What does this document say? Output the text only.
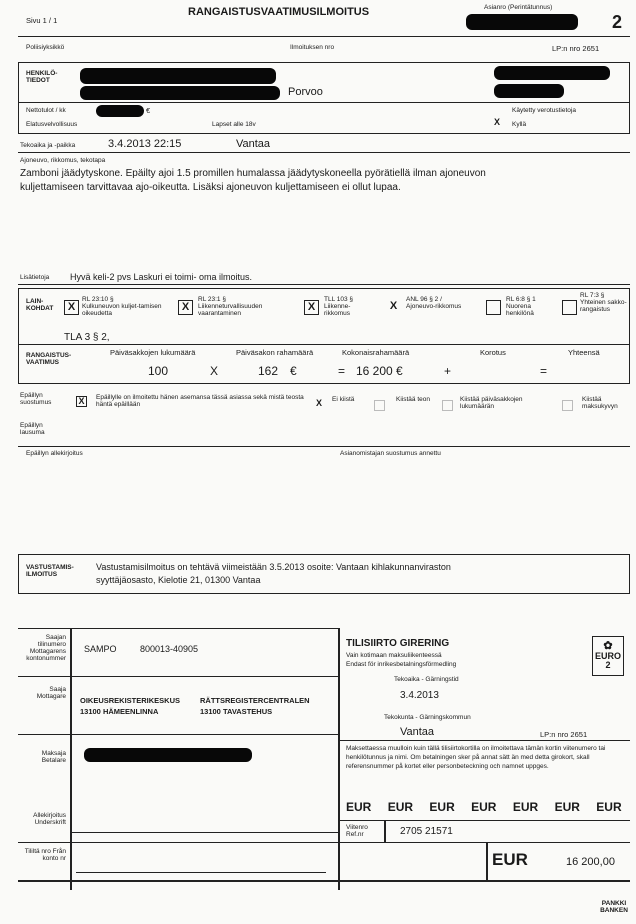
Sivu 1 / 1
RANGAISTUSVAATIMUSILMOITUS	Asianro (Perintätunnus)
2
Poliisiyksikkö	Ilmoituksen nro	LP:n nro 2651
HENKILÖ-TIEDOT
Porvoo
Nettotulot / kk	€
Elatusvelvollisuus	Lapset alle 18v
Käytetty verotustietoja
X Kyllä
Tekoaika ja -paikka	3.4.2013 22:15	Vantaa
Ajoneuvo, rikkomus, tekotapa
Zamboni jäädytyskone. Epäilty ajoi 1.5 promillen humalassa jäädytyskoneella pyörätiellä ilman ajoneuvon
kuljettamiseen tarvittavaa ajo-oikeutta. Lisäksi ajoneuvon kuljettamiseen ei ollut lupaa.
Lisätietoja Hyvä keli-2 pvs Laskuri ei toimi- oma ilmoitus.
LAIN-KOHDAT	X
RL 23:10 §
Kulkuneuvon kuljet-tamisen oikeudetta
X
RL 23:1 §
Liikenneturvallisuuden vaarantaminen
X
TLL 103 §
Liikenne-rikkomus
X
ANL 96 § 2 /
Ajoneuvo-rikkomus
RL 6:8 § 1
Nuorena henkilönä
RL 7:3 §
Yhteinen sakko-rangaistus
TLA 3 § 2,
RANGAISTUS-VAATIMUS
Päiväsakkojen lukumäärä	Päiväsakon rahamäärä	Kokonaisrahamäärä	Korotus	Yhteensä
100	X	162 €	= 16 200 €	+	=
Epäillyn suostumus	X	Epäillylle on ilmoitettu hänen asemansa tässä asiassa sekä mistä teosta häntä epäillään	X Ei kiistä	Kiistää teon	Kiistää päiväsakkojen lukumäärän
Kiistää maksukyvyn
Epäillyn lausuma
Epäillyn allekirjoitus	Asianomistajan suostumus annettu
VASTUSTAMIS-ILMOITUS
Vastustamisilmoitus on tehtävä viimeistään 3.5.2013 osoite: Vantaan kihlakunnanviraston
syyttäjäosasto, Kielotie 21, 01300 Vantaa
Saajan tilinumero Mottagarens kontonummer
SAMPO	800013-40905
Saaja Mottagare OIKEUSREKISTERIKESKUS
13100 HÄMEENLINNA
RÄTTSREGISTERCENTRALEN
13100 TAVASTEHUS
Maksaja Betalare
Allekirjoitus Underskrift
Tililtä nro Från konto nr
TILISIIRTO GIRERING
Vain kotimaan maksuliikenteessä
Endast för inrikesbetalningsförmedling
✿
EURO 2
Tekoaika - Gärningstid
3.4.2013
Tekokunta - Gärningskommun
Vantaa	LP:n nro 2651
Maksettaessa muulloin kuin tällä tilisiirtokortilla on ilmoitettava tämän kortin viitenumero tai henkilötunnus ja nimi. Om betalningen sker på annat sätt än med detta girokort, skall referensnummer på kortet eller personbeteckning och namnet uppges.
EUR EUR EUR EUR EUR EUR EUR
Viitenro Ref.nr	2705 21571
EUR	16 200,00
PANKKI BANKEN
